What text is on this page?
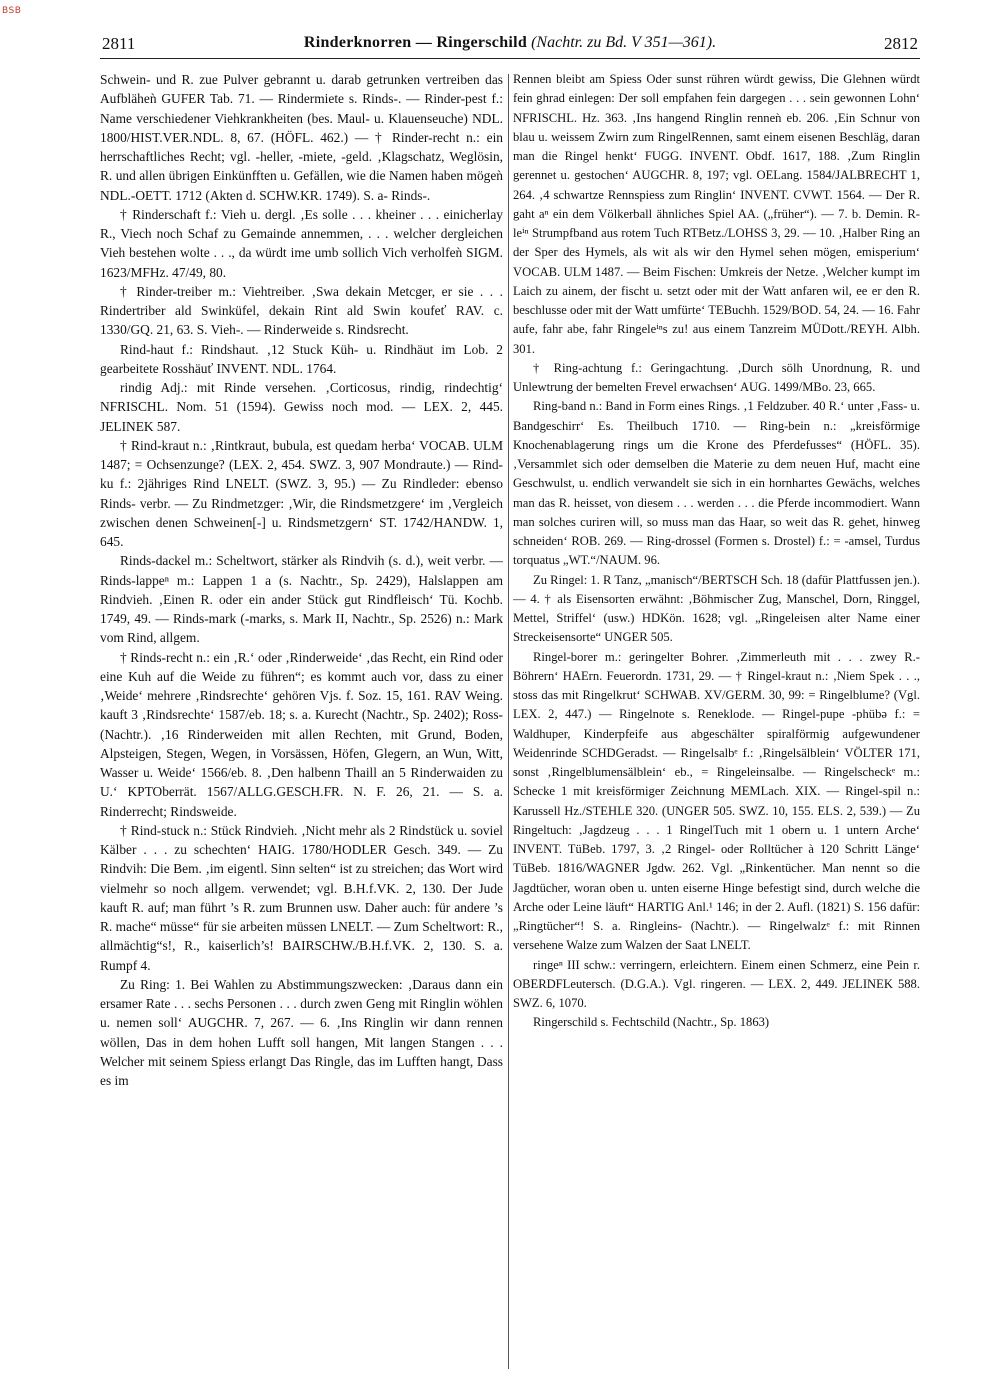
BSB
2811	Rinderknorren — Ringerschild (Nachtr. zu Bd. V 351—361).	2812

Schwein- und R. zue Pulver gebrannt u. darab getrunken vertreiben das Aufbläheǹ GUFER Tab. 71. — Rindermiete s. Rinds-. — Rinder-pest f.: Name verschiedener Viehkrankheiten (bes. Maul- u. Klauenseuche) NDL. 1800/HIST.VER.NDL. 8, 67. (HÖFL. 462.) — † Rinder-recht n.: ein herrschaftliches Recht; vgl. -heller, -miete, -geld. ‚Klagschatz, Weglösin, R. und allen übrigen Einkünfften u. Gefällen, wie die Namen haben mögeǹ NDL.-OETT. 1712 (Akten d. SCHW.KR. 1749). S. a- Rinds-.

† Rinderschaft f.: Vieh u. dergl. ‚Es solle . . . kheiner . . . einicherlay R., Viech noch Schaf zu Gemainde annemmen, . . . welcher dergleichen Vieh bestehen wolte . . ., da würdt ime umb sollich Vich verholfeǹ SIGM. 1623/MFHz. 47/49, 80.

† Rinder-treiber m.: Viehtreiber. ‚Swa dekain Metcger, er sie . . . Rindertriber ald Swinküfel, dekain Rint ald Swin koufeť RAV. c. 1330/GQ. 21, 63. S. Vieh-. — Rinderweide s. Rindsrecht.

Rind-haut f.: Rindshaut. ‚12 Stuck Küh- u. Rindhäut im Lob. 2 gearbeitete Rosshäuť INVENT. NDL. 1764.

rindig Adj.: mit Rinde versehen. ‚Corticosus, rindig, rindechtig‘ NFRISCHL. Nom. 51 (1594). Gewiss noch mod. — LEX. 2, 445. JELINEK 587.

† Rind-kraut n.: ‚Rintkraut, bubula, est quedam herba‘ VOCAB. ULM 1487; = Ochsenzunge? (LEX. 2, 454. SWZ. 3, 907 Mondraute.) — Rind-ku f.: 2jähriges Rind LNELT. (SWZ. 3, 95.) — Zu Rindleder: ebenso Rinds- verbr. — Zu Rindmetzger: ‚Wir, die Rindsmetzgere‘ im ‚Vergleich zwischen denen Schweinen[-] u. Rindsmetzgern‘ ST. 1742/HANDW. 1, 645.

Rinds-dackel m.: Scheltwort, stärker als Rindvih (s. d.), weit verbr. — Rinds-lappeⁿ m.: Lappen 1 a (s. Nachtr., Sp. 2429), Halslappen am Rindvieh. ‚Einen R. oder ein ander Stück gut Rindfleisch‘ Tü. Kochb. 1749, 49. — Rinds-mark (-marks, s. Mark II, Nachtr., Sp. 2526) n.: Mark vom Rind, allgem.

† Rinds-recht n.: ein ‚R.‘ oder ‚Rinderweide‘ ‚das Recht, ein Rind oder eine Kuh auf die Weide zu führen“; es kommt auch vor, dass zu einer ‚Weide‘ mehrere ‚Rindsrechte‘ gehören Vjs. f. Soz. 15, 161. RAV Weing. kauft 3 ‚Rindsrechte‘ 1587/eb. 18; s. a. Kurecht (Nachtr., Sp. 2402); Ross- (Nachtr.). ‚16 Rinderweiden mit allen Rechten, mit Grund, Boden, Alpsteigen, Stegen, Wegen, in Vorsässen, Höfen, Glegern, an Wun, Witt, Wasser u. Weide‘ 1566/eb. 8. ‚Den halbenn Thaill an 5 Rinderwaiden zu U.‘ KPTOberrät. 1567/ALLG.GESCH.FR. N. F. 26, 21. — S. a. Rinderrecht; Rindsweide.

† Rind-stuck n.: Stück Rindvieh. ‚Nicht mehr als 2 Rindstück u. soviel Kälber . . . zu schechten‘ HAIG. 1780/HODLER Gesch. 349. — Zu Rindvih: Die Bem. ‚im eigentl. Sinn selten“ ist zu streichen; das Wort wird vielmehr so noch allgem. verwendet; vgl. B.H.f.VK. 2, 130. Der Jude kauft R. auf; man führt ’s R. zum Brunnen usw. Daher auch: für andere ’s R. mache“ müsse“ für sie arbeiten müssen LNELT. — Zum Scheltwort: R., allmächtig“s!, R., kaiserlich’s! BAIRSCHW./B.H.f.VK. 2, 130. S. a. Rumpf 4.

Zu Ring: 1. Bei Wahlen zu Abstimmungszwecken: ‚Daraus dann ein ersamer Rate . . . sechs Personen . . . durch zwen Geng mit Ringlin wöhlen u. nemen soll‘ AUGCHR. 7, 267. — 6. ‚Ins Ringlin wir dann rennen wöllen, Das in dem hohen Lufft soll hangen, Mit langen Stangen . . . Welcher mit seinem Spiess erlangt Das Ringle, das im Lufften hangt, Dass es im

Rennen bleibt am Spiess Oder sunst rühren würdt gewiss, Die Glehnen würdt fein ghrad einlegen: Der soll empfahen fein dargegen . . . sein gewonnen Lohn‘ NFRISCHL. Hz. 363. ‚Ins hangend Ringlin renneǹ eb. 206. ‚Ein Schnur von blau u. weissem Zwirn zum RingelRennen, samt einem eisenen Beschläg, daran man die Ringel henkt‘ FUGG. INVENT. Obdf. 1617, 188. ‚Zum Ringlin gerennet u. gestochen‘ AUGCHR. 8, 197; vgl. OELang. 1584/JALBRECHT 1, 264. ‚4 schwartze Rennspiess zum Ringlin‘ INVENT. CVWT. 1564. — Der R. gaht aⁿ ein dem Völkerball ähnliches Spiel AA. („früher“). — 7. b. Demin. R-leⁱⁿ Strumpfband aus rotem Tuch RTBetz./LOHSS 3, 29. — 10. ‚Halber Ring an der Sper des Hymels, als wit als wir den Hymel sehen mögen, emisperium‘ VOCAB. ULM 1487. — Beim Fischen: Umkreis der Netze. ‚Welcher kumpt im Laich zu ainem, der fischt u. setzt oder mit der Watt anfaren wil, ee er den R. beschlusse oder mit der Watt umfürte‘ TEBuchh. 1529/BOD. 54, 24. — 16. Fahr aufe, fahr abe, fahr Ringeleⁱⁿs zu! aus einem Tanzreim MÜDott./REYH. Albh. 301.

† Ring-achtung f.: Geringachtung. ‚Durch sölh Unordnung, R. und Unlewtrung der bemelten Frevel erwachsen‘ AUG. 1499/MBo. 23, 665.

Ring-band n.: Band in Form eines Rings. ‚1 Feldzuber. 40 R.‘ unter ‚Fass- u. Bandgeschirr‘ Es. Theilbuch 1710. — Ring-bein n.: „kreisförmige Knochenablagerung rings um die Krone des Pferdefusses“ (HÖFL. 35). ‚Versammlet sich oder demselben die Materie zu dem neuen Huf, macht eine Geschwulst, u. endlich verwandelt sie sich in ein hornhartes Gewächs, welches man das R. heisset, von diesem . . . werden . . . die Pferde incommodiert. Wann man solches curiren will, so muss man das Haar, so weit das R. gehet, hinweg schneiden‘ ROB. 269. — Ring-drossel (Formen s. Drostel) f.: = -amsel, Turdus torquatus „WT.“/NAUM. 96.

Zu Ringel: 1. R Tanz, „manisch“/BERTSCH Sch. 18 (dafür Plattfussen jen.). — 4. † als Eisensorten erwähnt: ‚Böhmischer Zug, Manschel, Dorn, Ringgel, Mettel, Striffel‘ (usw.) HDKön. 1628; vgl. „Ringeleisen alter Name einer Streckeisensorte“ UNGER 505.

Ringel-borer m.: geringelter Bohrer. ‚Zimmerleuth mit . . . zwey R.-Böhrern‘ HAErn. Feuerordn. 1731, 29. — † Ringel-kraut n.: ‚Niem Spek . . ., stoss das mit Ringelkrut‘ SCHWAB. XV/GERM. 30, 99: = Ringelblume? (Vgl. LEX. 2, 447.) — Ringelnote s. Reneklode. — Ringel-pupe -phübə f.: = Waldhuper, Kinderpfeife aus abgeschälter spiralförmig aufgewundener Weidenrinde SCHDGeradst. — Ringelsalbᵉ f.: ‚Ringelsälblein‘ VÖLTER 171, sonst ‚Ringelblumensälblein‘ eb., = Ringeleinsalbe. — Ringelscheckᵉ m.: Schecke 1 mit kreisförmiger Zeichnung MEMLach. XIX. — Ringel-spil n.: Karussell Hz./STEHLE 320. (UNGER 505. SWZ. 10, 155. ELS. 2, 539.) — Zu Ringeltuch: ‚Jagdzeug . . . 1 RingelTuch mit 1 obern u. 1 untern Arche‘ INVENT. TüBeb. 1797, 3. ‚2 Ringel- oder Rolltücher à 120 Schritt Länge‘ TüBeb. 1816/WAGNER Jgdw. 262. Vgl. „Rinkentücher. Man nennt so die Jagdtücher, woran oben u. unten eiserne Hinge befestigt sind, durch welche die Arche oder Leine läuft“ HARTIG Anl.¹ 146; in der 2. Aufl. (1821) S. 156 dafür: „Ringtücher“! S. a. Ringleins- (Nachtr.). — Ringelwalzᵉ f.: mit Rinnen versehene Walze zum Walzen der Saat LNELT.

ringeⁿ III schw.: verringern, erleichtern. Einem einen Schmerz, eine Pein r. OBERDFLeutersch. (D.G.A.). Vgl. ringeren. — LEX. 2, 449. JELINEK 588. SWZ. 6, 1070.

Ringerschild s. Fechtschild (Nachtr., Sp. 1863)
